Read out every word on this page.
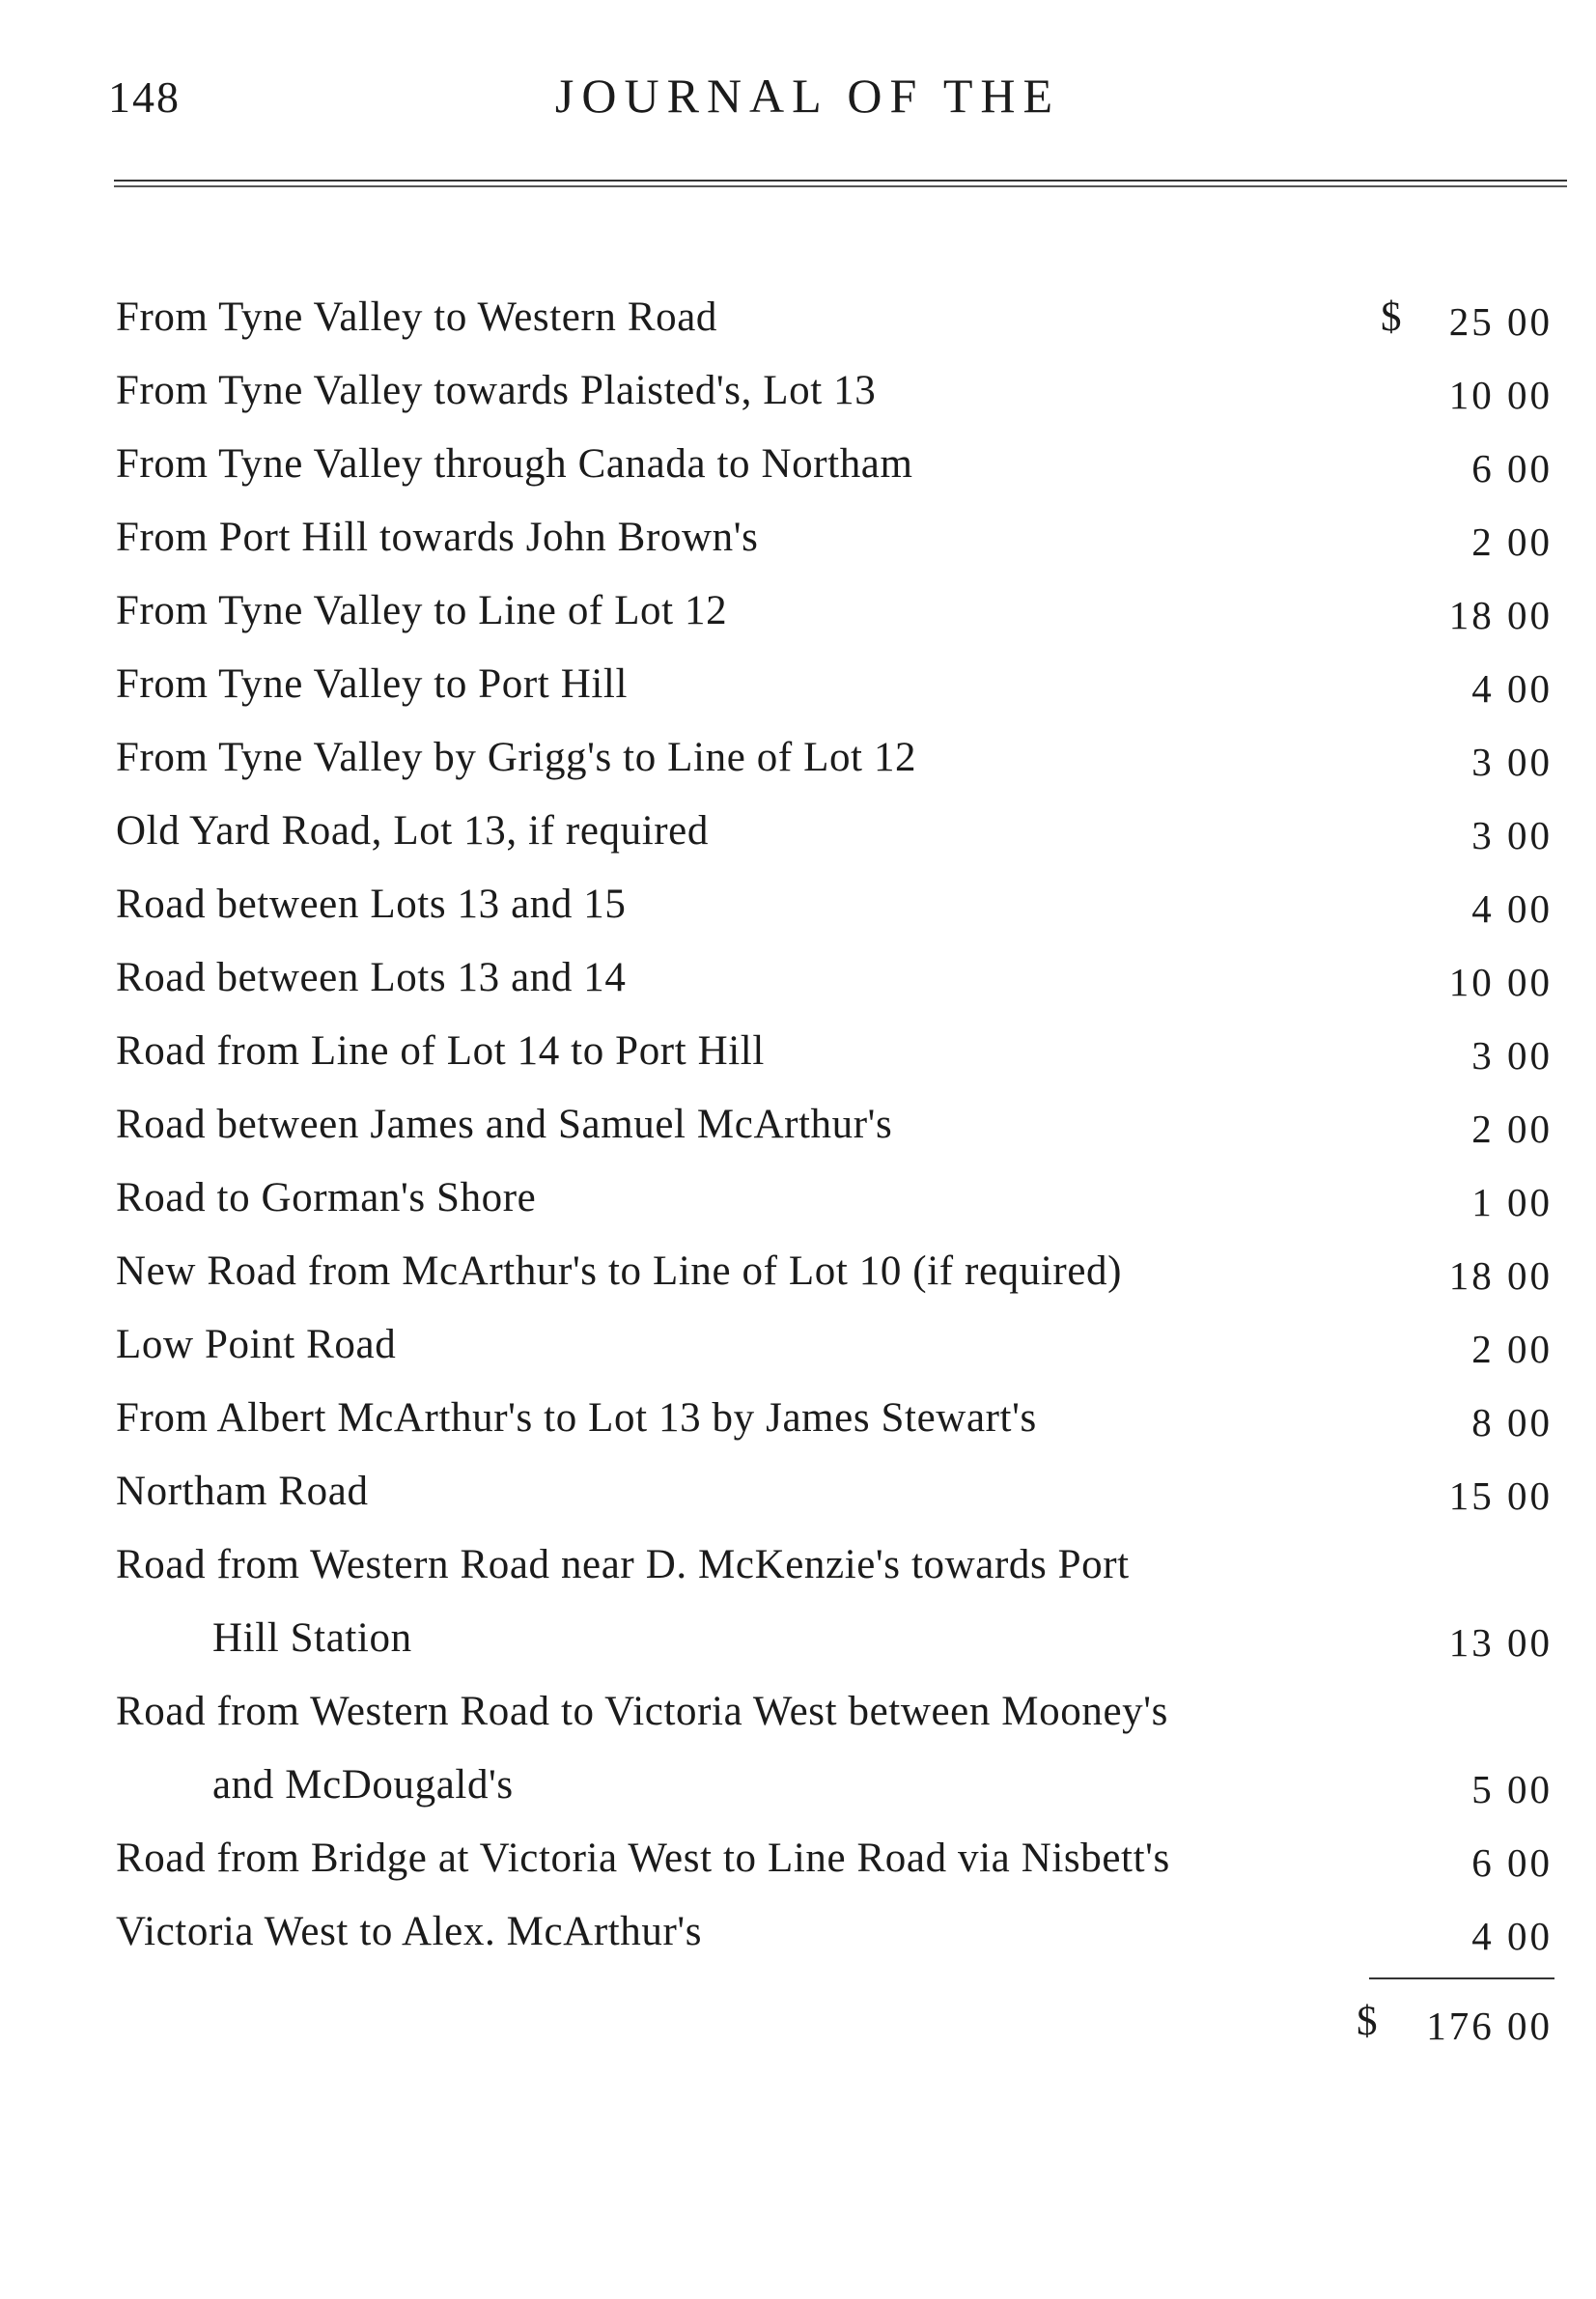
148	JOURNAL OF THE
From Tyne Valley to Western Road	$ 25 00
From Tyne Valley towards Plaisted's, Lot 13	10 00
From Tyne Valley through Canada to Northam	6 00
From Port Hill towards John Brown's	2 00
From Tyne Valley to Line of Lot 12	18 00
From Tyne Valley to Port Hill	4 00
From Tyne Valley by Grigg's to Line of Lot 12	3 00
Old Yard Road, Lot 13, if required	3 00
Road between Lots 13 and 15	4 00
Road between Lots 13 and 14	10 00
Road from Line of Lot 14 to Port Hill	3 00
Road between James and Samuel McArthur's	2 00
Road to Gorman's Shore	1 00
New Road from McArthur's to Line of Lot 10 (if required)	18 00
Low Point Road	2 00
From Albert McArthur's to Lot 13 by James Stewart's	8 00
Northam Road	15 00
Road from Western Road near D. McKenzie's towards Port
Hill Station	13 00
Road from Western Road to Victoria West between Mooney's
and McDougald's	5 00
Road from Bridge at Victoria West to Line Road via Nisbett's	6 00
Victoria West to Alex. McArthur's	4 00
$ 176 00
